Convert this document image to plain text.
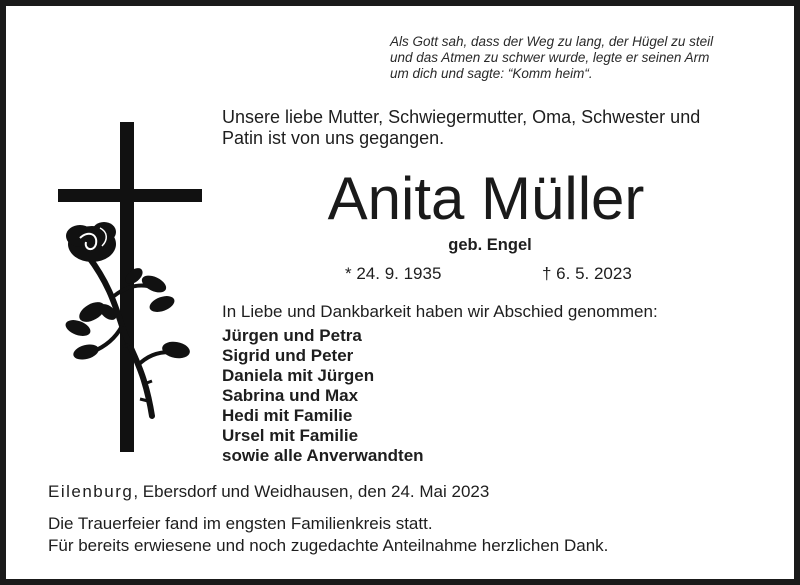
Als Gott sah, dass der Weg zu lang, der Hügel zu steil
und das Atmen zu schwer wurde, legte er seinen Arm
um dich und sagte: “Komm heim“.
Unsere liebe Mutter, Schwiegermutter, Oma, Schwester und
Patin ist von uns gegangen.
Anita Müller
geb. Engel
* 24. 9. 1935	† 6. 5. 2023
In Liebe und Dankbarkeit haben wir Abschied genommen:
Jürgen und Petra
Sigrid und Peter
Daniela mit Jürgen
Sabrina und Max
Hedi mit Familie
Ursel mit Familie
sowie alle Anverwandten
Eilenburg, Ebersdorf und Weidhausen, den 24. Mai 2023
Die Trauerfeier fand im engsten Familienkreis statt.
Für bereits erwiesene und noch zugedachte Anteilnahme herzlichen Dank.
